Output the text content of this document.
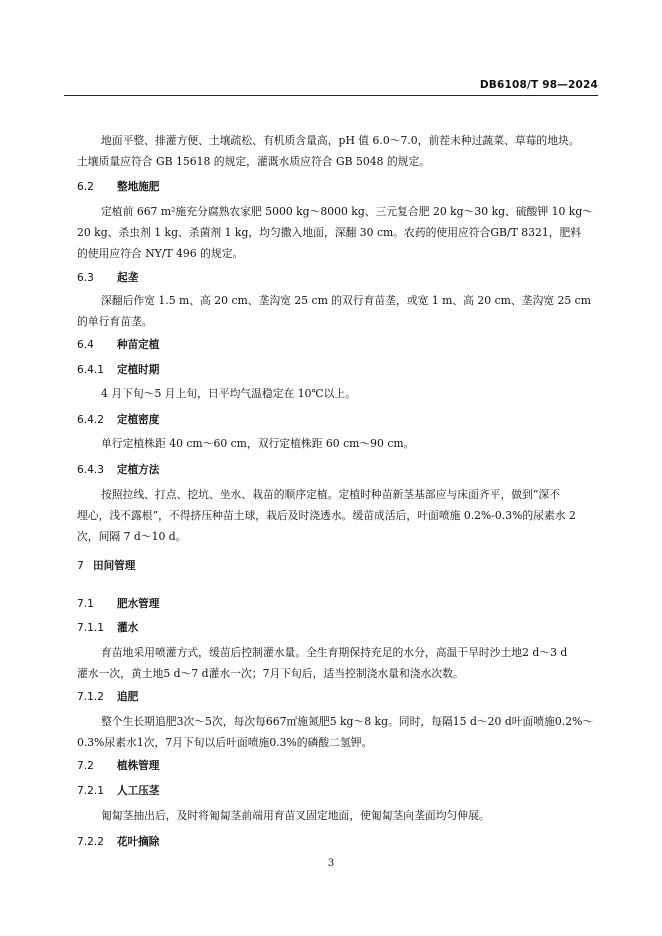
DB6108/T 98—2024

地面平整、排灌方便、土壤疏松、有机质含量高，pH 值 6.0～7.0，前茬未种过蔬菜、草莓的地块。
土壤质量应符合 GB 15618 的规定，灌溉水质应符合 GB 5048 的规定。

6.2 整地施肥

定植前 667 m²施充分腐熟农家肥 5000 kg～8000 kg、三元复合肥 20 kg～30 kg、硫酸钾 10 kg～
20 kg、杀虫剂 1 kg、杀菌剂 1 kg，均匀撒入地面，深翻 30 cm。农药的使用应符合GB/T 8321，肥料
的使用应符合 NY/T 496 的规定。

6.3 起垄

深翻后作宽 1.5 m、高 20 cm、垄沟宽 25 cm 的双行育苗垄，或宽 1 m、高 20 cm、垄沟宽 25 cm
的单行育苗垄。

6.4 种苗定植
6.4.1 定植时期

4 月下旬～5 月上旬，日平均气温稳定在 10℃以上。

6.4.2 定植密度

单行定植株距 40 cm～60 cm，双行定植株距 60 cm～90 cm。

6.4.3 定植方法

按照拉线、打点、挖坑、坐水、栽苗的顺序定植。定植时种苗新茎基部应与床面齐平，做到“深不
埋心，浅不露根”，不得挤压种苗土球，栽后及时浇透水。缓苗成活后，叶面喷施 0.2%-0.3%的尿素水 2
次，间隔 7 d～10 d。

7 田间管理
7.1 肥水管理
7.1.1 灌水

育苗地采用喷灌方式，缓苗后控制灌水量。全生育期保持充足的水分，高温干旱时沙土地2 d～3 d
灌水一次，黄土地5 d～7 d灌水一次；7月下旬后，适当控制浇水量和浇水次数。

7.1.2 追肥

整个生长期追肥3次～5次，每次每667㎡施氮肥5 kg～8 kg。同时，每隔15 d～20 d叶面喷施0.2%～
0.3%尿素水1次，7月下旬以后叶面喷施0.3%的磷酸二氢钾。

7.2 植株管理
7.2.1 人工压茎

匍匐茎抽出后，及时将匍匐茎前端用育苗叉固定地面，使匍匐茎向垄面均匀伸展。

7.2.2 花叶摘除
3
